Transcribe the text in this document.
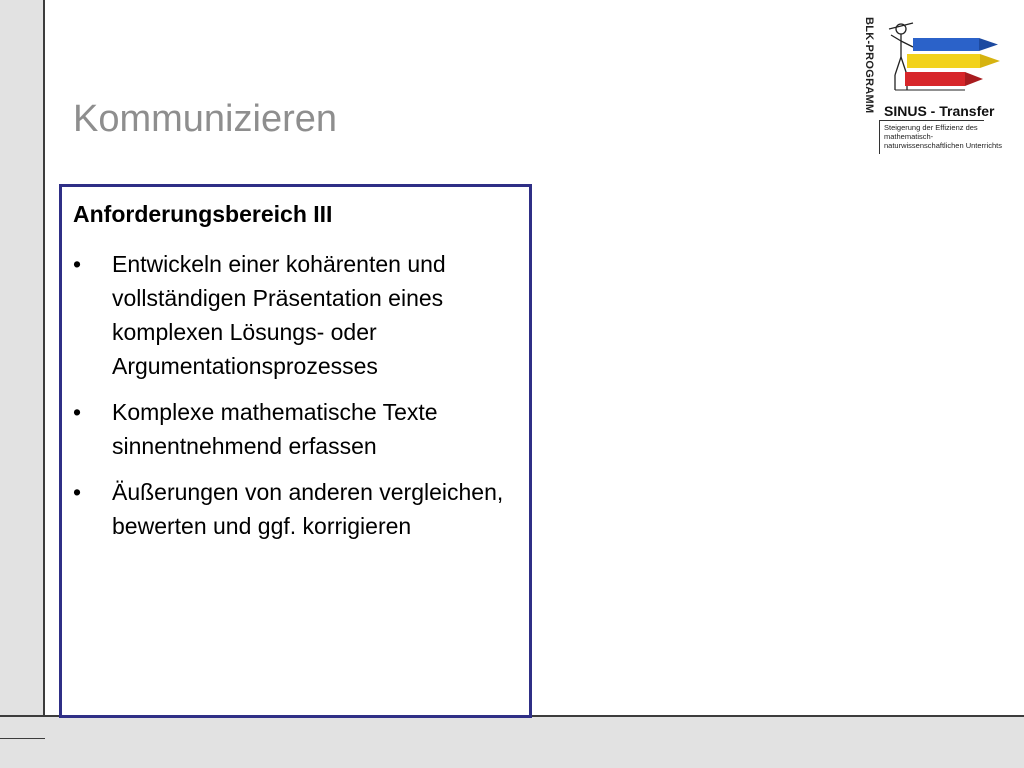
Kommunizieren
Anforderungsbereich III
• Entwickeln einer kohärenten und vollständigen Präsentation eines komplexen Lösungs- oder Argumentationsprozesses
• Komplexe mathematische Texte sinnentnehmend erfassen
• Äußerungen von anderen vergleichen, bewerten und ggf. korrigieren
BLK-PROGRAMM SINUS - Transfer
Steigerung der Effizienz des mathematisch-naturwissenschaftlichen Unterrichts
